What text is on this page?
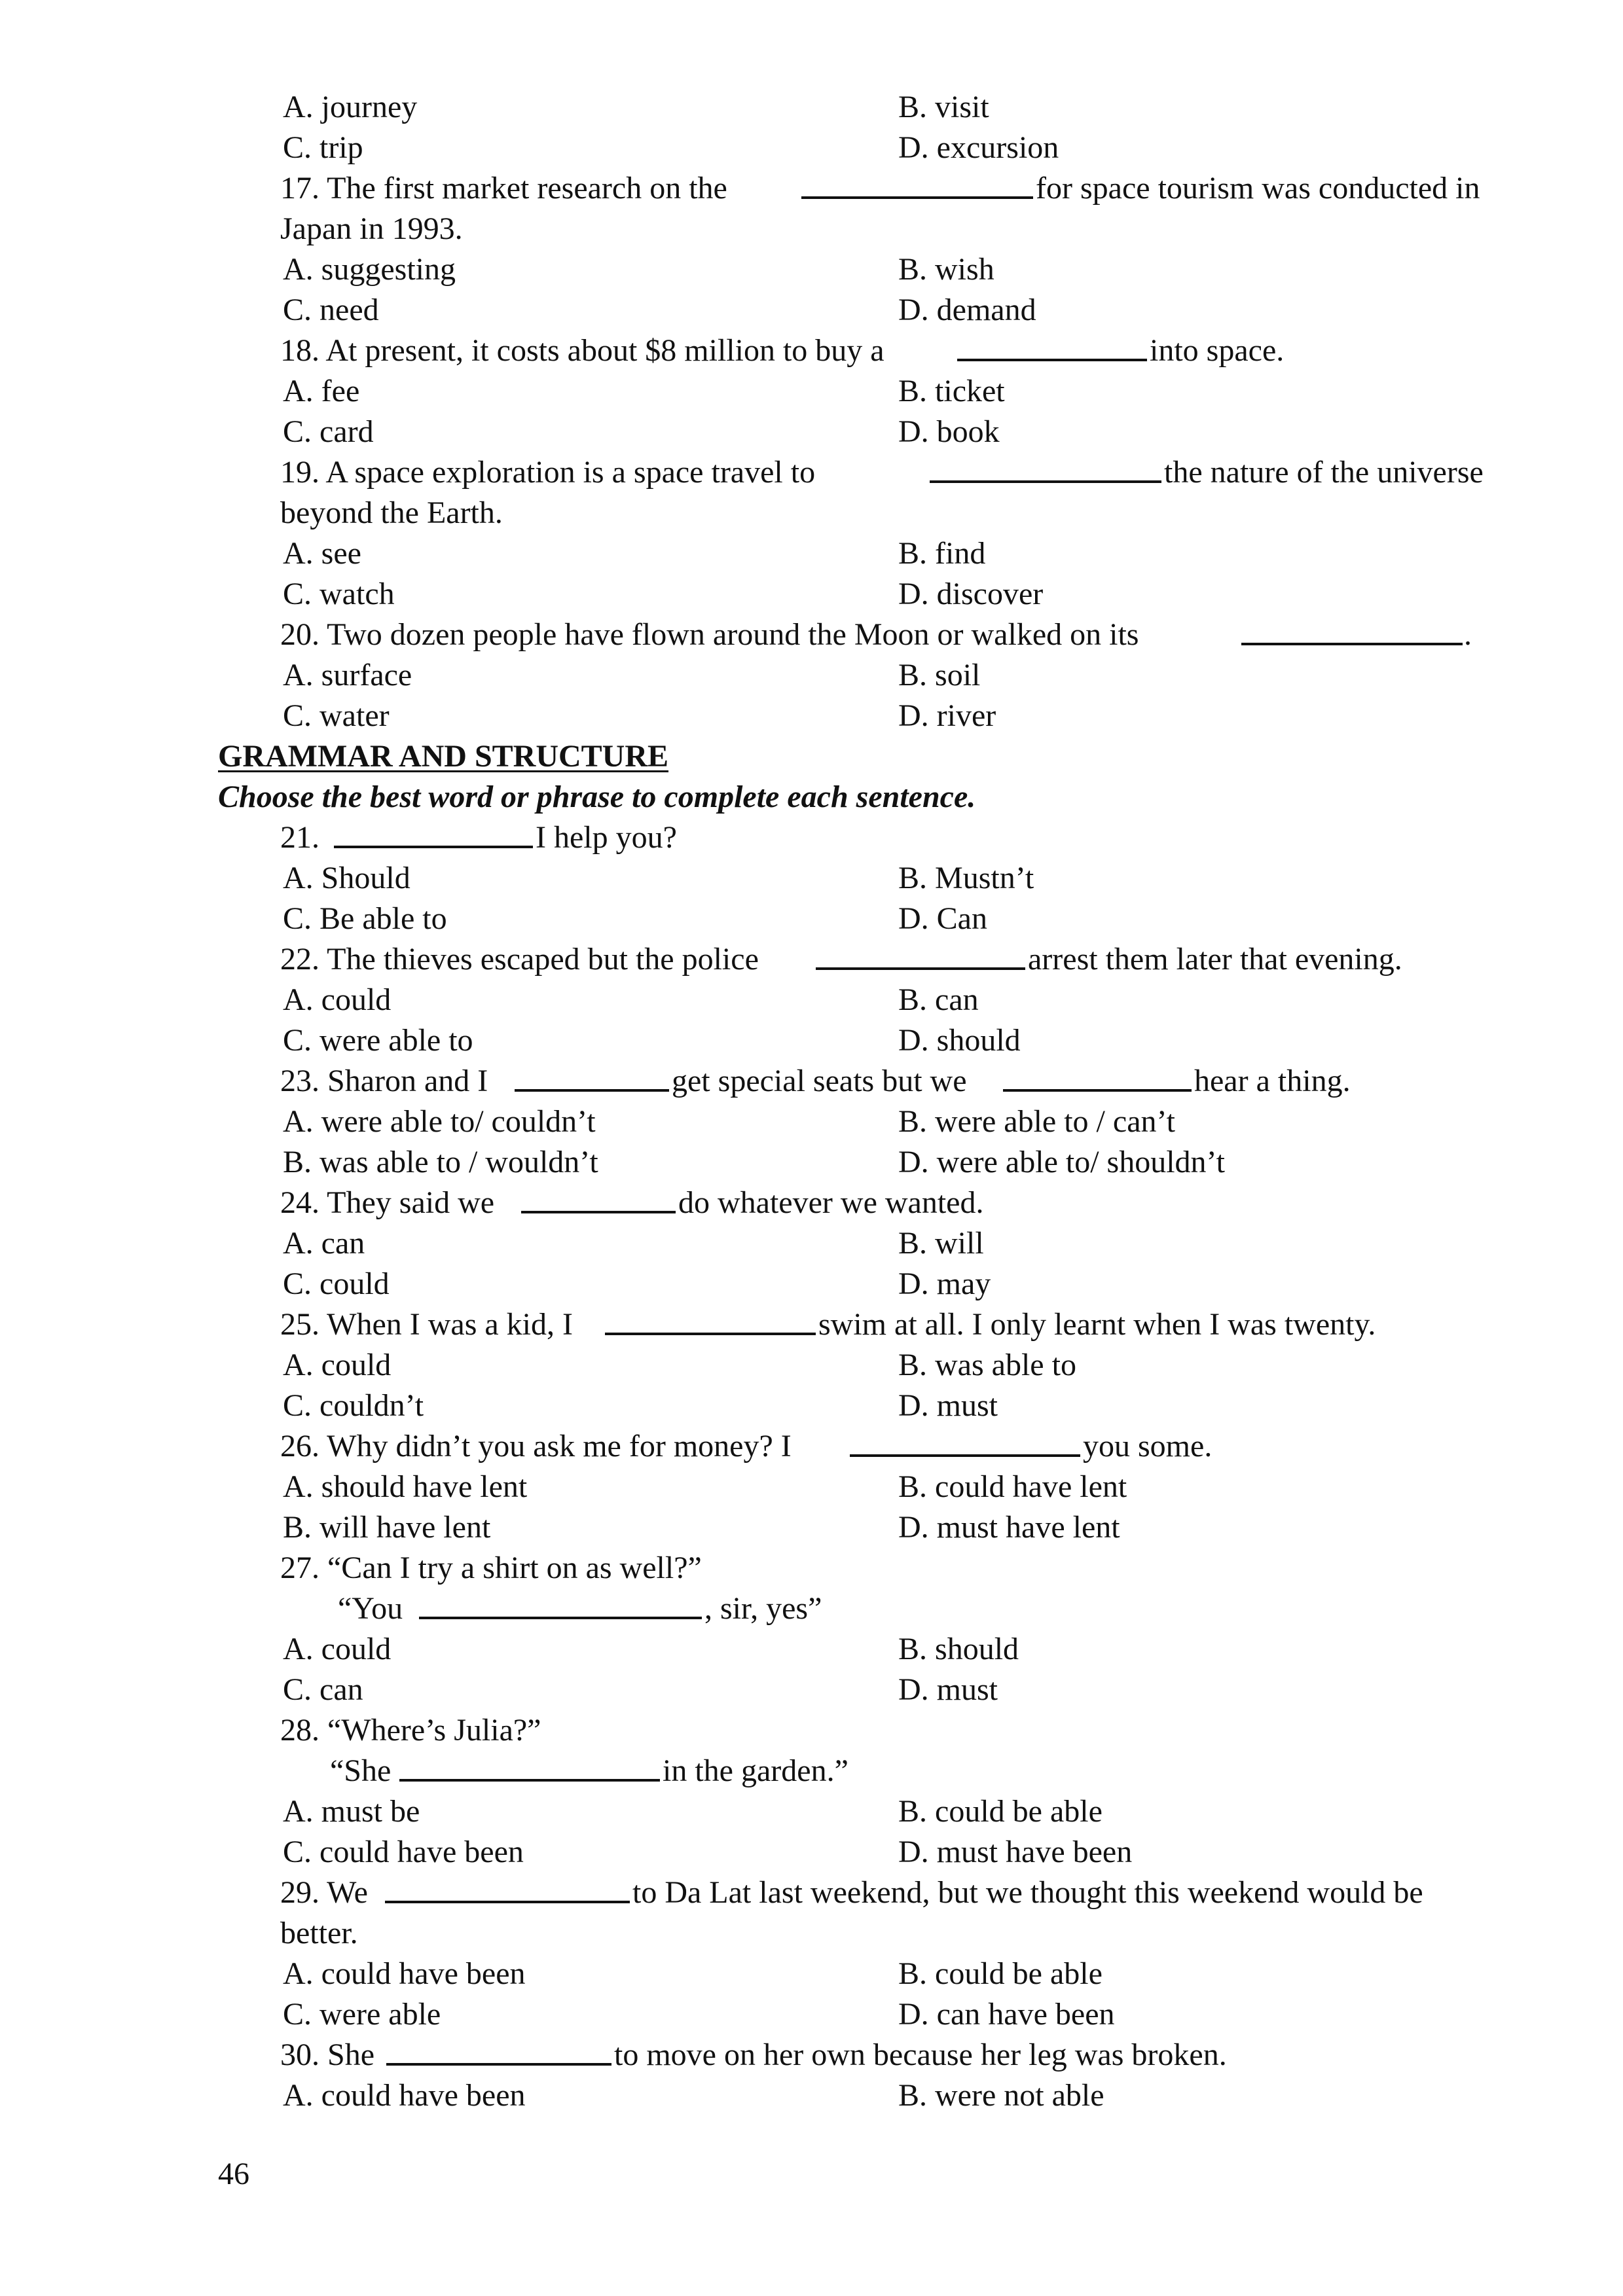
A. journey	B. visit
C. trip	D. excursion
17. The first market research on the	for space tourism was conducted in
Japan in 1993.
A. suggesting	B. wish
C. need	D. demand
18. At present, it costs about $8 million to buy a	into space.
A. fee	B. ticket
C. card	D. book
19. A space exploration is a space travel to	the nature of the universe
beyond the Earth.
A. see	B. find
C. watch	D. discover
20. Two dozen people have flown around the Moon or walked on its	.
A. surface	B. soil
C. water	D. river
GRAMMAR AND STRUCTURE
Choose the best word or phrase to complete each sentence.
21.	I help you?
A. Should	B. Mustn’t
C. Be able to	D. Can
22. The thieves escaped but the police	arrest them later that evening.
A. could	B. can
C. were able to	D. should
23. Sharon and I	get special seats but we	hear a thing.
A. were able to/ couldn’t	B. were able to / can’t
B. was able to / wouldn’t	D. were able to/ shouldn’t
24. They said we	do whatever we wanted.
A. can	B. will
C. could	D. may
25. When I was a kid, I	swim at all. I only learnt when I was twenty.
A. could	B. was able to
C. couldn’t	D. must
26. Why didn’t you ask me for money? I	you some.
A. should have lent	B. could have lent
B. will have lent	D. must have lent
27. “Can I try a shirt on as well?”
“You	, sir, yes”
A. could	B. should
C. can	D. must
28. “Where’s Julia?”
“She	in the garden.”
A. must be	B. could be able
C. could have been	D. must have been
29. We	to Da Lat last weekend, but we thought this weekend would be
better.
A. could have been	B. could be able
C. were able	D. can have been
30. She	to move on her own because her leg was broken.
A. could have been	B. were not able
46
